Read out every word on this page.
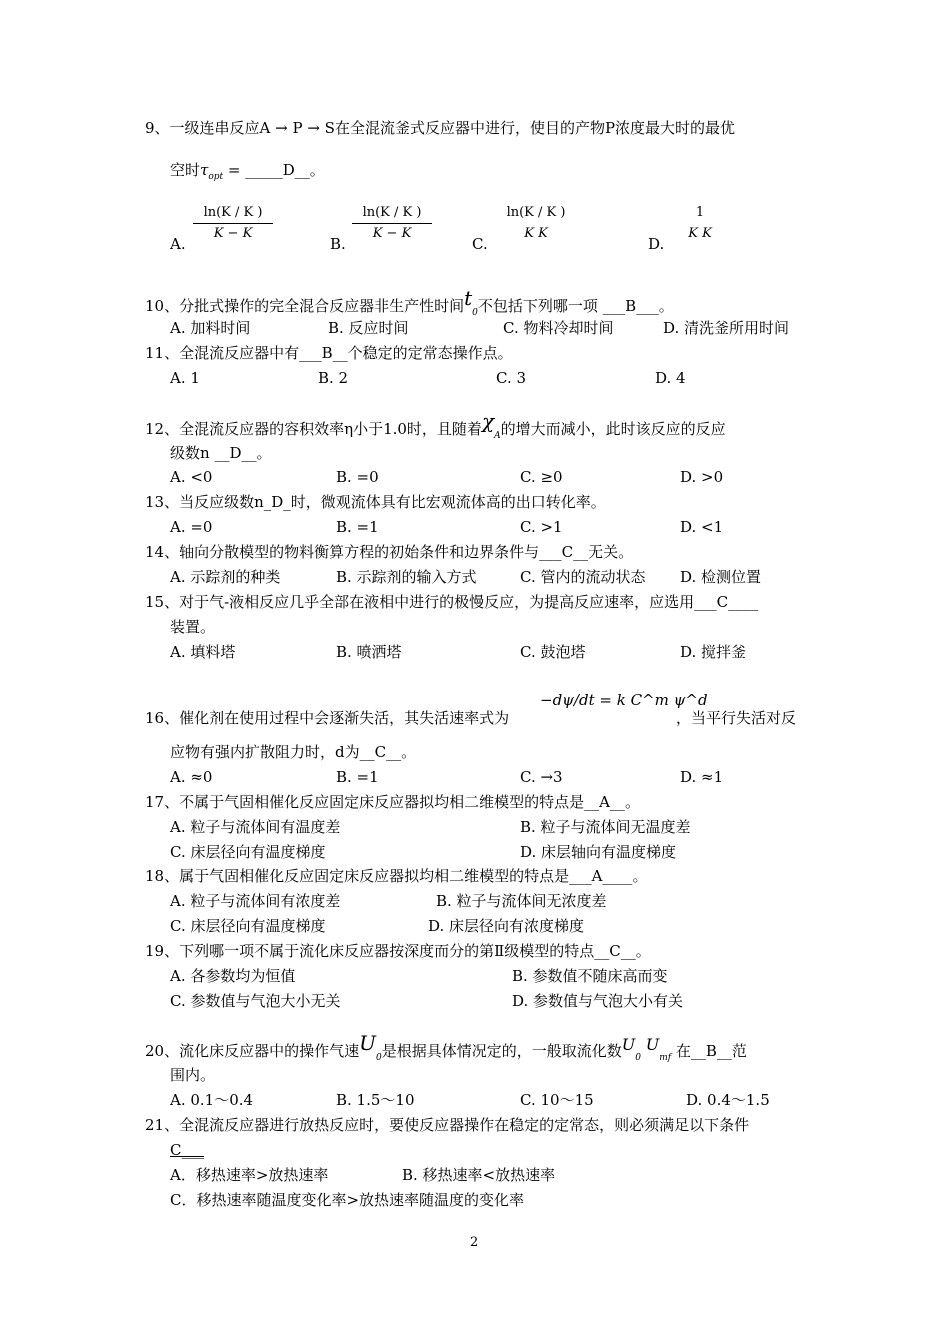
9、一级连串反应A → P → S在全混流釜式反应器中进行，使目的产物P浓度最大时的最优
空时$\tau_{opt}$ = _____D__。
A.
ln(K / K )
K − K
B.
ln(K / K )
K − K
C.
ln(K / K )
K K
D.
1
K K
10、分批式操作的完全混合反应器非生产性时间$t_0$不包括下列哪一项 ___B___。
A. 加料时间	B. 反应时间	C. 物料冷却时间	D. 清洗釜所用时间
11、全混流反应器中有___B__个稳定的定常态操作点。
A. 1	B. 2	C. 3	D. 4
12、全混流反应器的容积效率η小于1.0时，且随着$\chi_A$的增大而减小，此时该反应的反应
级数n __D__。
A. <0	B. =0	C. ≥0	D. >0
13、当反应级数n_D_时，微观流体具有比宏观流体高的出口转化率。
A. =0	B. =1	C. >1	D. <1
14、轴向分散模型的物料衡算方程的初始条件和边界条件与___C__无关。
A. 示踪剂的种类	B. 示踪剂的输入方式	C. 管内的流动状态 D. 检测位置
15、对于气-液相反应几乎全部在液相中进行的极慢反应，为提高反应速率，应选用___C____
装置。
A. 填料塔	B. 喷洒塔	C. 鼓泡塔	D. 搅拌釜
16、催化剂在使用过程中会逐渐失活，其失活速率式为
−dψ/dt = k C^m ψ^d
，当平行失活对反
应物有强内扩散阻力时，d为__C__。
A. ≈0	B. =1	C. →3	D. ≈1
17、不属于气固相催化反应固定床反应器拟均相二维模型的特点是__A__。
A. 粒子与流体间有温度差	B. 粒子与流体间无温度差
C. 床层径向有温度梯度	D. 床层轴向有温度梯度
18、属于气固相催化反应固定床反应器拟均相二维模型的特点是___A____。
A. 粒子与流体间有浓度差	B. 粒子与流体间无浓度差
C. 床层径向有温度梯度	D. 床层径向有浓度梯度
19、下列哪一项不属于流化床反应器按深度而分的第Ⅱ级模型的特点__C__。
A. 各参数均为恒值	B. 参数值不随床高而变
C. 参数值与气泡大小无关	D. 参数值与气泡大小有关
20、流化床反应器中的操作气速$U_0$是根据具体情况定的，一般取流化数$U_0$ $U_{mf}$ 在__B__范
围内。
A. 0.1～0.4	B. 1.5～10	C. 10～15	D. 0.4～1.5
21、全混流反应器进行放热反应时，要使反应器操作在稳定的定常态，则必须满足以下条件
C___
A．移热速率>放热速率	B. 移热速率<放热速率
C．移热速率随温度变化率>放热速率随温度的变化率
2
